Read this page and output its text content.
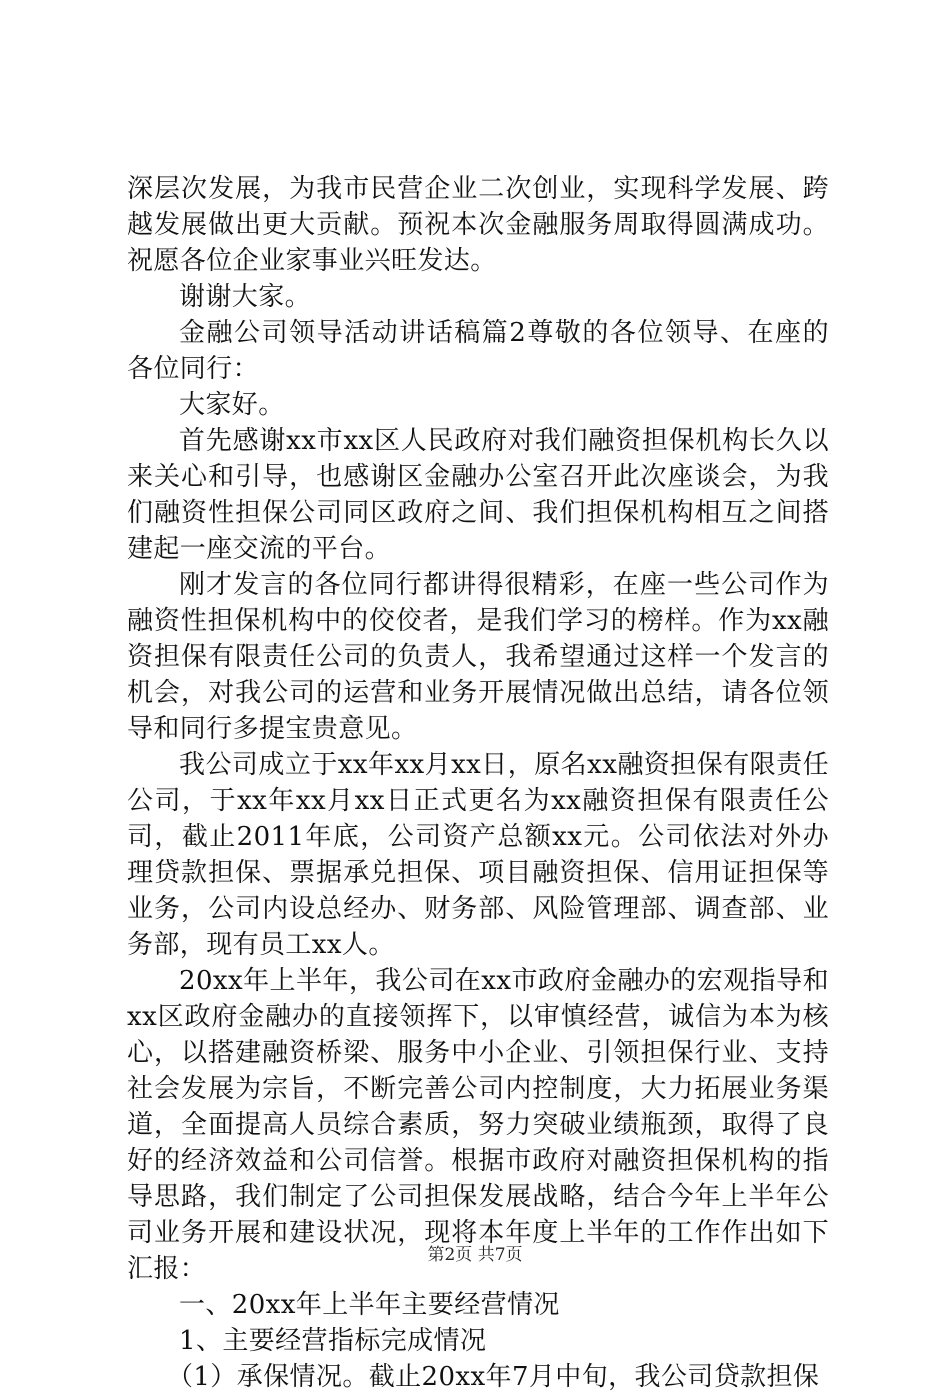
深层次发展，为我市民营企业二次创业，实现科学发展、跨越发展做出更大贡献。预祝本次金融服务周取得圆满成功。祝愿各位企业家事业兴旺发达。

谢谢大家。

金融公司领导活动讲话稿篇2尊敬的各位领导、在座的各位同行：

大家好。

首先感谢xx市xx区人民政府对我们融资担保机构长久以来关心和引导，也感谢区金融办公室召开此次座谈会，为我们融资性担保公司同区政府之间、我们担保机构相互之间搭建起一座交流的平台。

刚才发言的各位同行都讲得很精彩，在座一些公司作为融资性担保机构中的佼佼者，是我们学习的榜样。作为xx融资担保有限责任公司的负责人，我希望通过这样一个发言的机会，对我公司的运营和业务开展情况做出总结，请各位领导和同行多提宝贵意见。

我公司成立于xx年xx月xx日，原名xx融资担保有限责任公司，于xx年xx月xx日正式更名为xx融资担保有限责任公司，截止2011年底，公司资产总额xx元。公司依法对外办理贷款担保、票据承兑担保、项目融资担保、信用证担保等业务，公司内设总经办、财务部、风险管理部、调查部、业务部，现有员工xx人。

20xx年上半年，我公司在xx市政府金融办的宏观指导和xx区政府金融办的直接领挥下，以审慎经营，诚信为本为核心，以搭建融资桥梁、服务中小企业、引领担保行业、支持社会发展为宗旨，不断完善公司内控制度，大力拓展业务渠道，全面提高人员综合素质，努力突破业绩瓶颈，取得了良好的经济效益和公司信誉。根据市政府对融资担保机构的指导思路，我们制定了公司担保发展战略，结合今年上半年公司业务开展和建设状况，现将本年度上半年的工作作出如下汇报：

一、20xx年上半年主要经营情况

1、主要经营指标完成情况

（1）承保情况。截止20xx年7月中旬，我公司贷款担保

第2页 共7页
